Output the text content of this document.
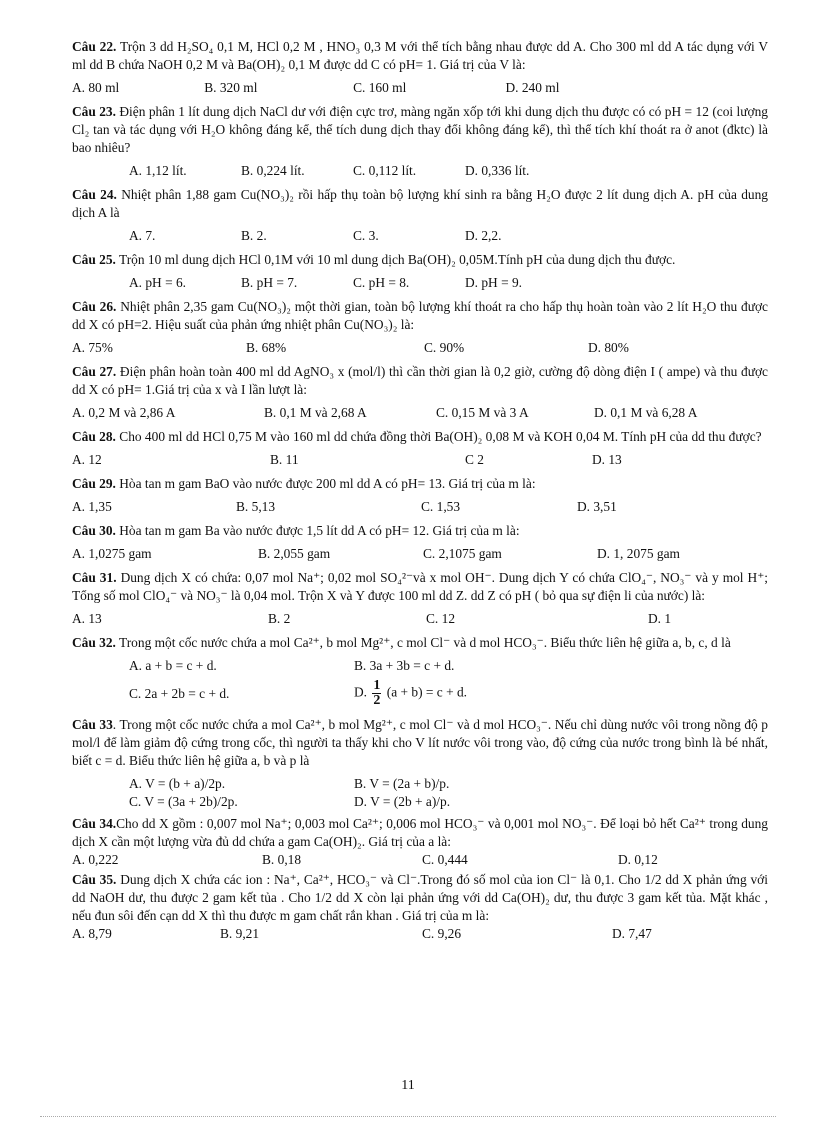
Câu 22. Trộn 3 dd H₂SO₄ 0,1 M, HCl 0,2 M , HNO₃ 0,3 M với thể tích bằng nhau được dd A. Cho 300 ml dd A tác dụng với V ml dd B chứa NaOH 0,2 M và Ba(OH)₂ 0,1 M được dd C có pH= 1. Giá trị của V là:

A. 80 ml	B. 320 ml	C. 160 ml	D. 240 ml

Câu 23. Điện phân 1 lít dung dịch NaCl dư với điện cực trơ, màng ngăn xốp tới khi dung dịch thu được có có pH = 12 (coi lượng Cl₂ tan và tác dụng với H₂O không đáng kể, thể tích dung dịch thay đổi không đáng kể), thì thể tích khí thoát ra ở anot (đktc) là bao nhiêu?

A. 1,12 lít.	B. 0,224 lít.	C. 0,112 lít.	D. 0,336 lít.

Câu 24. Nhiệt phân 1,88 gam Cu(NO₃)₂ rồi hấp thụ toàn bộ lượng khí sinh ra bằng H₂O được 2 lít dung dịch A. pH của dung dịch A là

A. 7.	B. 2.	C. 3.	D. 2,2.

Câu 25. Trộn 10 ml dung dịch HCl 0,1M với 10 ml dung dịch Ba(OH)₂ 0,05M.Tính pH của dung dịch thu được.

A. pH = 6.	B. pH = 7.	C. pH = 8.	D. pH = 9.

Câu 26. Nhiệt phân 2,35 gam Cu(NO₃)₂ một thời gian, toàn bộ lượng khí thoát ra cho hấp thụ hoàn toàn vào 2 lít H₂O thu được dd X có pH=2. Hiệu suất của phản ứng nhiệt phân Cu(NO₃)₂ là:

A. 75%	B. 68%	C. 90%	D. 80%

Câu 27. Điện phân hoàn toàn 400 ml dd AgNO₃ x (mol/l) thì cần thời gian là 0,2 giờ, cường độ dòng điện I ( ampe) và thu được dd X có pH= 1.Giá trị của x và I lần lượt là:

A. 0,2 M và 2,86 A	B. 0,1 M và 2,68 A	C. 0,15 M và 3 A	D. 0,1 M và 6,28 A

Câu 28. Cho 400 ml dd HCl 0,75 M vào 160 ml dd chứa đồng thời Ba(OH)₂ 0,08 M và KOH 0,04 M. Tính pH của dd thu được?

A. 12	B. 11	C 2	D. 13

Câu 29. Hòa tan m gam BaO vào nước được 200 ml dd A có pH= 13. Giá trị của m là:

A. 1,35	B. 5,13	C. 1,53	D. 3,51

Câu 30. Hòa tan m gam Ba vào nước được 1,5 lít dd A có pH= 12. Giá trị của m là:

A. 1,0275 gam	B. 2,055 gam	C. 2,1075 gam	D. 1, 2075 gam

Câu 31. Dung dịch X có chứa: 0,07 mol Na⁺; 0,02 mol SO₄²⁻và x mol OH⁻. Dung dịch Y có chứa ClO₄⁻, NO₃⁻ và y mol H⁺; Tổng số mol ClO₄⁻ và NO₃⁻ là 0,04 mol. Trộn X và Y được 100 ml dd Z. dd Z có pH ( bỏ qua sự điện li của nước) là:

A. 13	B. 2	C. 12	D. 1

Câu 32. Trong một cốc nước chứa a mol Ca²⁺, b mol Mg²⁺, c mol Cl⁻ và d mol HCO₃⁻. Biểu thức liên hệ giữa a, b, c, d là

A. a + b = c + d.	B. 3a + 3b = c + d.
C. 2a + 2b = c + d.	D. $\frac{1}{2} (a + b) = c + d$.

Câu 33. Trong một cốc nước chứa a mol Ca²⁺, b mol Mg²⁺, c mol Cl⁻ và d mol HCO₃⁻. Nếu chỉ dùng nước vôi trong nồng độ p mol/l để làm giảm độ cứng trong cốc, thì người ta thấy khi cho V lít nước vôi trong vào, độ cứng của nước trong bình là bé nhất, biết c = d. Biểu thức liên hệ giữa a, b và p là

A. V = (b + a)/2p.	B. V = (2a + b)/p.
C. V = (3a + 2b)/2p.	D. V = (2b + a)/p.

Câu 34.Cho dd X gồm : 0,007 mol Na⁺; 0,003 mol Ca²⁺; 0,006 mol HCO₃⁻ và 0,001 mol NO₃⁻. Để loại bỏ hết Ca²⁺ trong dung dịch X cần một lượng vừa đủ dd chứa a gam Ca(OH)₂. Giá trị của a là:

A. 0,222	B. 0,18	C. 0,444	D. 0,12

Câu 35. Dung dịch X chứa các ion : Na⁺, Ca²⁺, HCO₃⁻ và Cl⁻.Trong đó số mol của ion Cl⁻ là 0,1. Cho 1/2 dd X phản ứng với dd NaOH dư, thu được 2 gam kết tủa . Cho 1/2 dd X còn lại phản ứng với dd Ca(OH)₂ dư, thu được 3 gam kết tủa. Mặt khác , nếu đun sôi đến cạn dd X thì thu được m gam chất rắn khan . Giá trị của m là:

A. 8,79	B. 9,21	C. 9,26	D. 7,47
11
